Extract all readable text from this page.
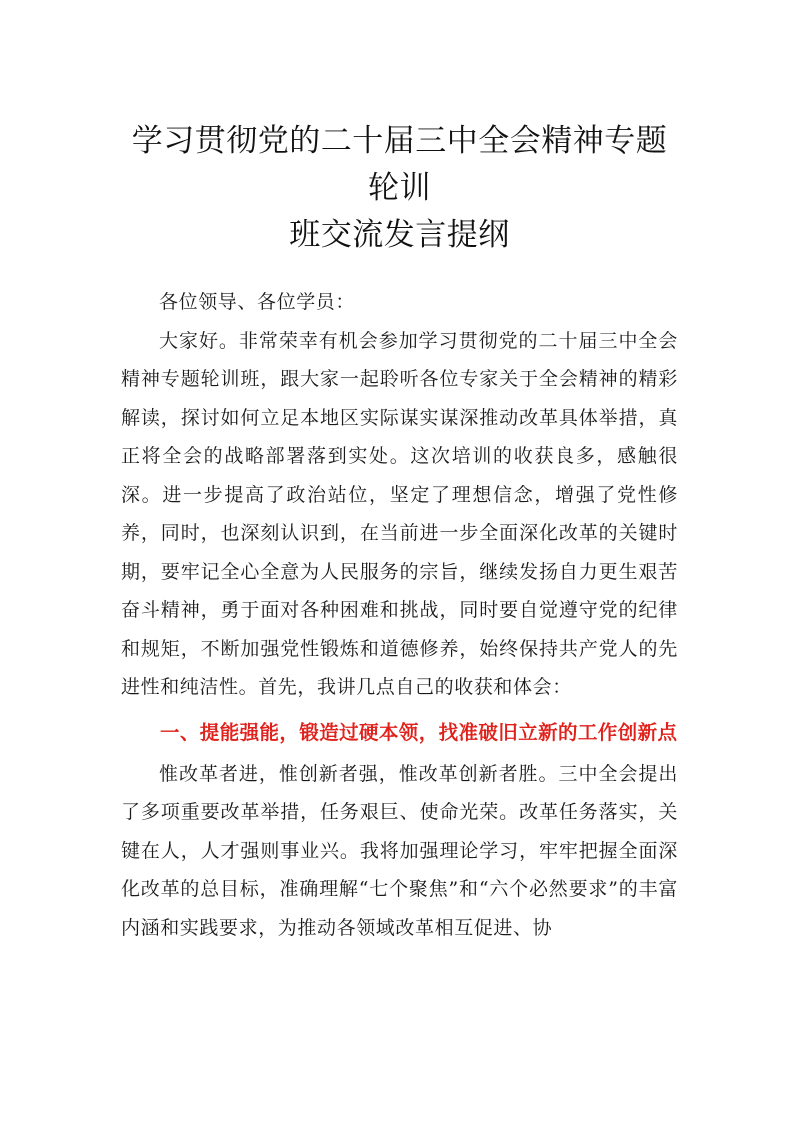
学习贯彻党的二十届三中全会精神专题轮训
班交流发言提纲

各位领导、各位学员：

大家好。非常荣幸有机会参加学习贯彻党的二十届三中全会精神专题轮训班，跟大家一起聆听各位专家关于全会精神的精彩解读，探讨如何立足本地区实际谋实谋深推动改革具体举措，真正将全会的战略部署落到实处。这次培训的收获良多，感触很深。进一步提高了政治站位，坚定了理想信念，增强了党性修养，同时，也深刻认识到，在当前进一步全面深化改革的关键时期，要牢记全心全意为人民服务的宗旨，继续发扬自力更生艰苦奋斗精神，勇于面对各种困难和挑战，同时要自觉遵守党的纪律和规矩，不断加强党性锻炼和道德修养，始终保持共产党人的先进性和纯洁性。首先，我讲几点自己的收获和体会：

一、提能强能，锻造过硬本领，找准破旧立新的工作创新点

惟改革者进，惟创新者强，惟改革创新者胜。三中全会提出了多项重要改革举措，任务艰巨、使命光荣。改革任务落实，关键在人，人才强则事业兴。我将加强理论学习，牢牢把握全面深化改革的总目标，准确理解“七个聚焦”和“六个必然要求”的丰富内涵和实践要求，为推动各领域改革相互促进、协
